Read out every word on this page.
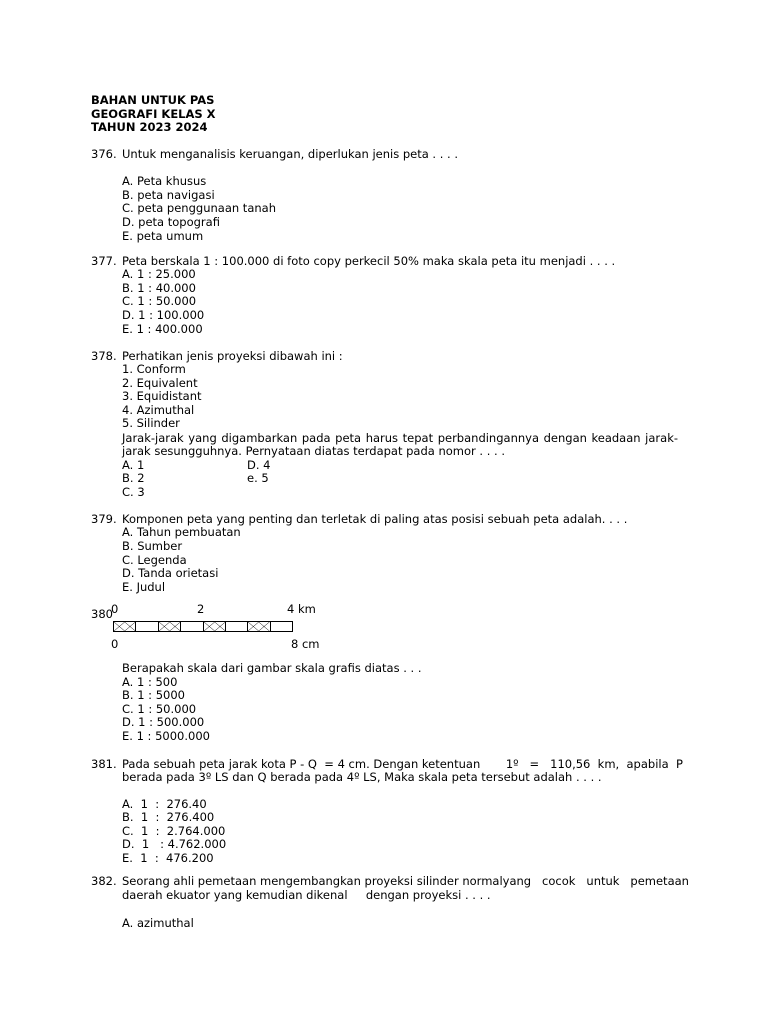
BAHAN UNTUK PAS
GEOGRAFI KELAS X
TAHUN 2023 2024
376. Untuk menganalisis keruangan, diperlukan jenis peta . . . .
A. Peta khusus
B. peta navigasi
C. peta penggunaan tanah
D. peta topografi
E. peta umum
377. Peta berskala 1 : 100.000 di foto copy perkecil 50% maka skala peta itu menjadi . . . .
A. 1 : 25.000
B. 1 : 40.000
C. 1 : 50.000
D. 1 : 100.000
E. 1 : 400.000
378. Perhatikan jenis proyeksi dibawah ini :
1. Conform
2. Equivalent
3. Equidistant
4. Azimuthal
5. Silinder
Jarak-jarak yang digambarkan pada peta harus tepat perbandingannya dengan keadaan jarak-
jarak sesungguhnya. Pernyataan diatas terdapat pada nomor . . . .
A. 1	D. 4
B. 2	e. 5
C. 3
379. Komponen peta yang penting dan terletak di paling atas posisi sebuah peta adalah. . . .
A. Tahun pembuatan
B. Sumber
C. Legenda
D. Tanda orietasi
E. Judul
380
0	2	4 km
0	8 cm
Berapakah skala dari gambar skala grafis diatas . . .
A. 1 : 500
B. 1 : 5000
C. 1 : 50.000
D. 1 : 500.000
E. 1 : 5000.000
381. Pada sebuah peta jarak kota P - Q  = 4 cm. Dengan ketentuan       1º   =   110,56  km,  apabila  P
berada pada 3º LS dan Q berada pada 4º LS, Maka skala peta tersebut adalah . . . .
A.  1  :  276.40
B.  1  :  276.400
C.  1  :  2.764.000
D.  1   : 4.762.000
E.  1  :  476.200
382. Seorang ahli pemetaan mengembangkan proyeksi silinder normalyang   cocok   untuk   pemetaan
daerah ekuator yang kemudian dikenal     dengan proyeksi . . . .
A. azimuthal
